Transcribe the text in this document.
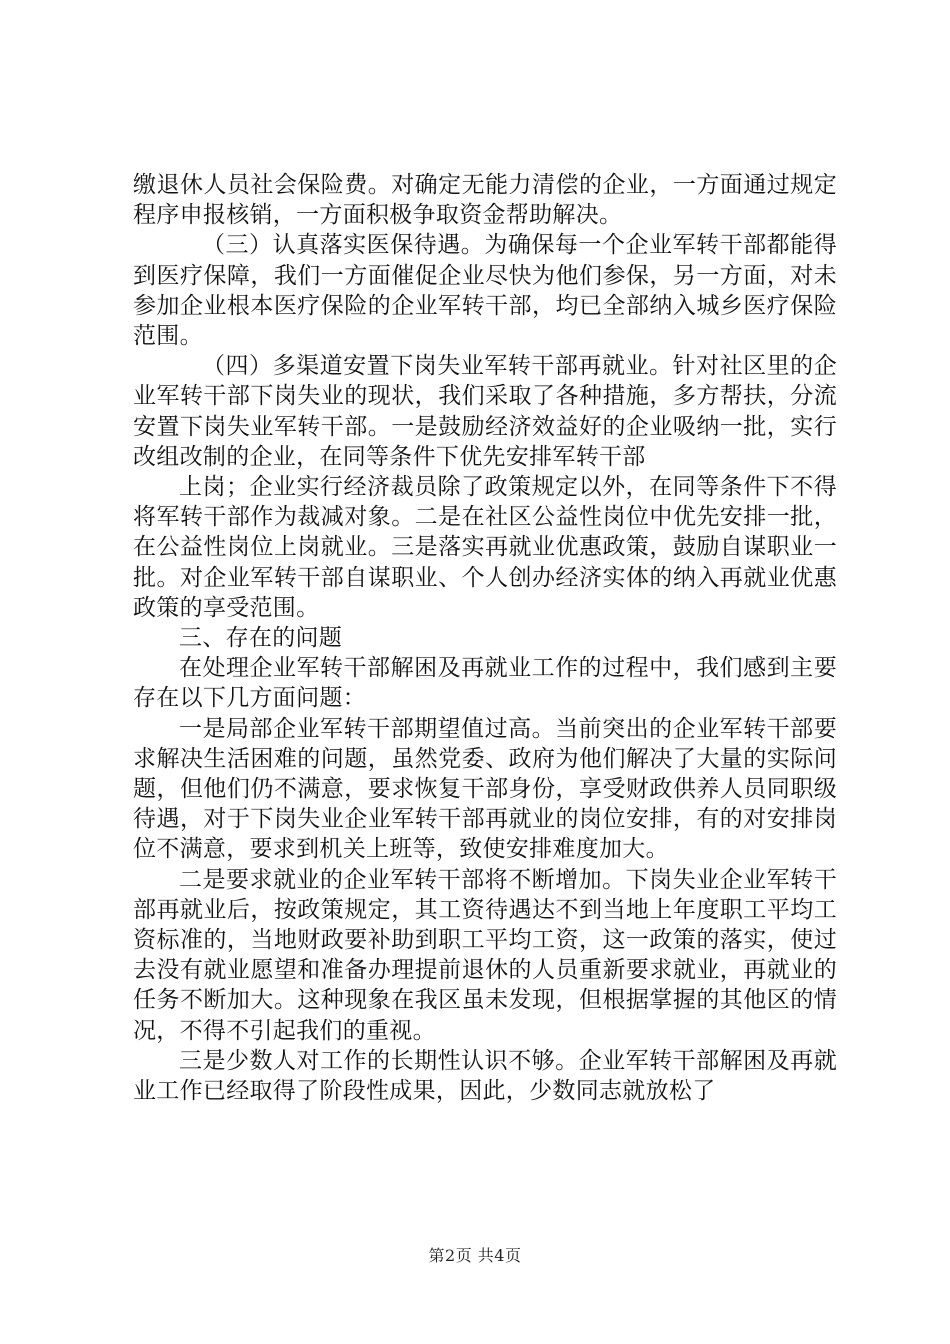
缴退休人员社会保险费。对确定无能力清偿的企业，一方面通过规定程序申报核销，一方面积极争取资金帮助解决。

（三）认真落实医保待遇。为确保每一个企业军转干部都能得到医疗保障，我们一方面催促企业尽快为他们参保，另一方面，对未参加企业根本医疗保险的企业军转干部，均已全部纳入城乡医疗保险范围。

（四）多渠道安置下岗失业军转干部再就业。针对社区里的企业军转干部下岗失业的现状，我们采取了各种措施，多方帮扶，分流安置下岗失业军转干部。一是鼓励经济效益好的企业吸纳一批，实行改组改制的企业，在同等条件下优先安排军转干部

上岗；企业实行经济裁员除了政策规定以外，在同等条件下不得将军转干部作为裁减对象。二是在社区公益性岗位中优先安排一批，在公益性岗位上岗就业。三是落实再就业优惠政策，鼓励自谋职业一批。对企业军转干部自谋职业、个人创办经济实体的纳入再就业优惠政策的享受范围。

三、存在的问题

在处理企业军转干部解困及再就业工作的过程中，我们感到主要存在以下几方面问题：

一是局部企业军转干部期望值过高。当前突出的企业军转干部要求解决生活困难的问题，虽然党委、政府为他们解决了大量的实际问题，但他们仍不满意，要求恢复干部身份，享受财政供养人员同职级待遇，对于下岗失业企业军转干部再就业的岗位安排，有的对安排岗位不满意，要求到机关上班等，致使安排难度加大。

二是要求就业的企业军转干部将不断增加。下岗失业企业军转干部再就业后，按政策规定，其工资待遇达不到当地上年度职工平均工资标准的，当地财政要补助到职工平均工资，这一政策的落实，使过去没有就业愿望和准备办理提前退休的人员重新要求就业，再就业的任务不断加大。这种现象在我区虽未发现，但根据掌握的其他区的情况，不得不引起我们的重视。

三是少数人对工作的长期性认识不够。企业军转干部解困及再就业工作已经取得了阶段性成果，因此，少数同志就放松了

第2页 共4页
